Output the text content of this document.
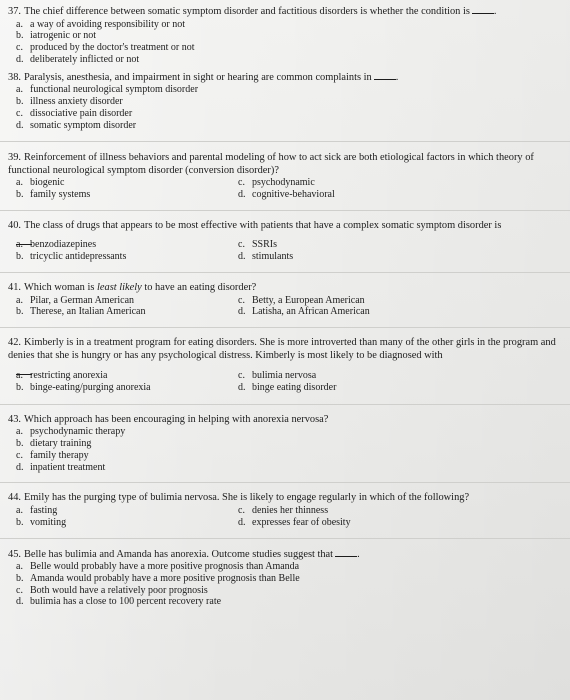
37. The chief difference between somatic symptom disorder and factitious disorders is whether the condition is .

a. a way of avoiding responsibility or not
b. iatrogenic or not
c. produced by the doctor's treatment or not
d. deliberately inflicted or not

38. Paralysis, anesthesia, and impairment in sight or hearing are common complaints in .

a. functional neurological symptom disorder
b. illness anxiety disorder
c. dissociative pain disorder
d. somatic symptom disorder

39. Reinforcement of illness behaviors and parental modeling of how to act sick are both etiological factors in which theory of functional neurological symptom disorder (conversion disorder)?

a. biogenic	c. psychodynamic
b. family systems	d. cognitive-behavioral

40. The class of drugs that appears to be most effective with patients that have a complex somatic symptom disorder is

a. benzodiazepines	c. SSRIs
b. tricyclic antidepressants	d. stimulants

41. Which woman is least likely to have an eating disorder?

a. Pilar, a German American	c. Betty, a European American
b. Therese, an Italian American	d. Latisha, an African American

42. Kimberly is in a treatment program for eating disorders. She is more introverted than many of the other girls in the program and denies that she is hungry or has any psychological distress. Kimberly is most likely to be diagnosed with

a. restricting anorexia	c. bulimia nervosa
b. binge-eating/purging anorexia	d. binge eating disorder

43. Which approach has been encouraging in helping with anorexia nervosa?

a. psychodynamic therapy
b. dietary training
c. family therapy
d. inpatient treatment

44. Emily has the purging type of bulimia nervosa. She is likely to engage regularly in which of the following?

a. fasting	c. denies her thinness
b. vomiting	d. expresses fear of obesity

45. Belle has bulimia and Amanda has anorexia. Outcome studies suggest that .

a. Belle would probably have a more positive prognosis than Amanda
b. Amanda would probably have a more positive prognosis than Belle
c. Both would have a relatively poor prognosis
d. bulimia has a close to 100 percent recovery rate
